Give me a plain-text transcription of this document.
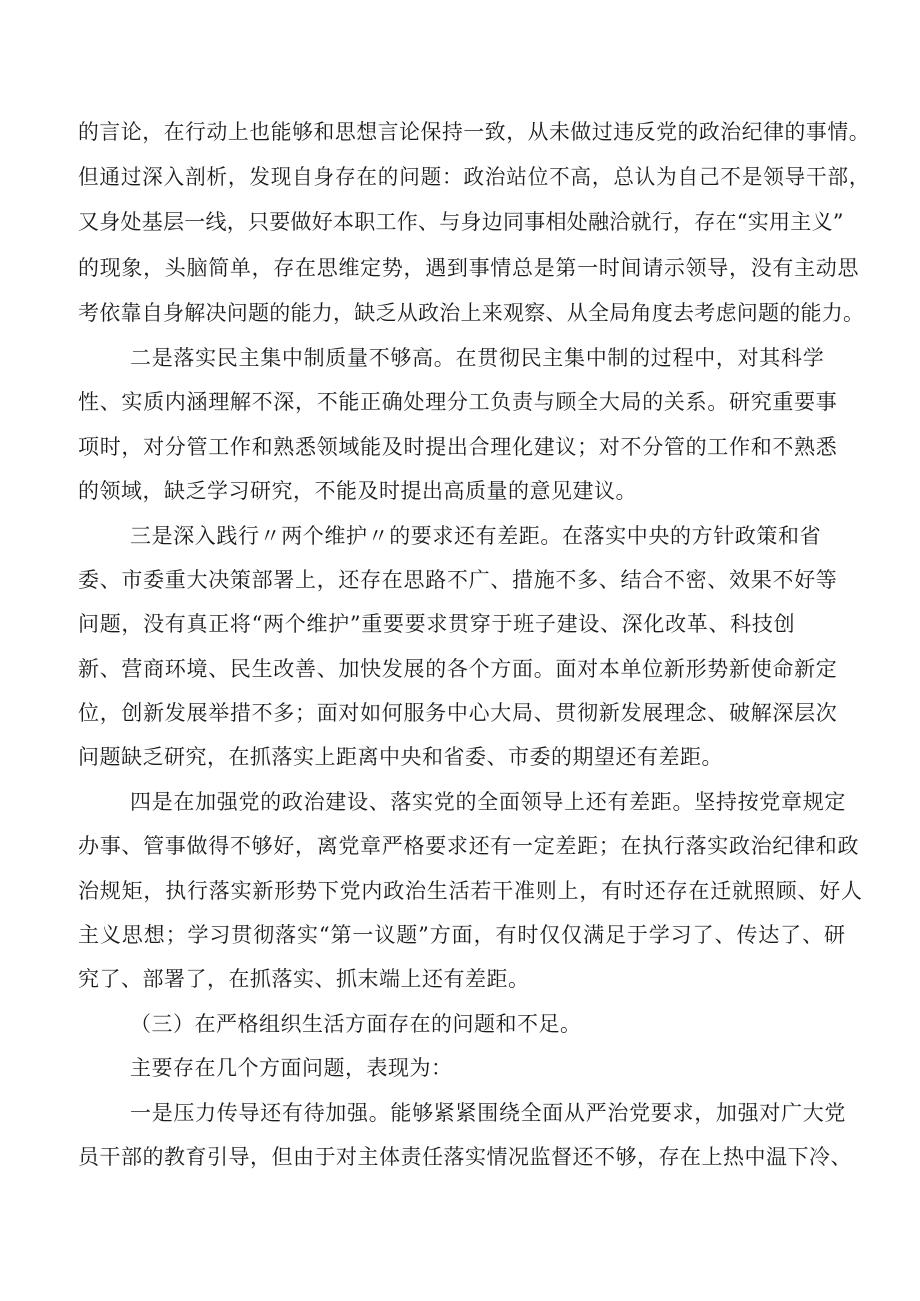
的言论，在行动上也能够和思想言论保持一致，从未做过违反党的政治纪律的事情。
但通过深入剖析，发现自身存在的问题：政治站位不高，总认为自己不是领导干部，
又身处基层一线，只要做好本职工作、与身边同事相处融洽就行，存在“实用主义”
的现象，头脑简单，存在思维定势，遇到事情总是第一时间请示领导，没有主动思
考依靠自身解决问题的能力，缺乏从政治上来观察、从全局角度去考虑问题的能力。
二是落实民主集中制质量不够高。在贯彻民主集中制的过程中，对其科学
性、实质内涵理解不深，不能正确处理分工负责与顾全大局的关系。研究重要事
项时，对分管工作和熟悉领域能及时提出合理化建议；对不分管的工作和不熟悉
的领域，缺乏学习研究，不能及时提出高质量的意见建议。
三是深入践行〃两个维护〃的要求还有差距。在落实中央的方针政策和省
委、市委重大决策部署上，还存在思路不广、措施不多、结合不密、效果不好等
问题，没有真正将“两个维护”重要要求贯穿于班子建设、深化改革、科技创
新、营商环境、民生改善、加快发展的各个方面。面对本单位新形势新使命新定
位，创新发展举措不多；面对如何服务中心大局、贯彻新发展理念、破解深层次
问题缺乏研究，在抓落实上距离中央和省委、市委的期望还有差距。
四是在加强党的政治建设、落实党的全面领导上还有差距。坚持按党章规定
办事、管事做得不够好，离党章严格要求还有一定差距；在执行落实政治纪律和政
治规矩，执行落实新形势下党内政治生活若干准则上，有时还存在迁就照顾、好人
主义思想；学习贯彻落实“第一议题”方面，有时仅仅满足于学习了、传达了、研
究了、部署了，在抓落实、抓末端上还有差距。
（三）在严格组织生活方面存在的问题和不足。
主要存在几个方面问题，表现为：
一是压力传导还有待加强。能够紧紧围绕全面从严治党要求，加强对广大党
员干部的教育引导，但由于对主体责任落实情况监督还不够，存在上热中温下冷、
